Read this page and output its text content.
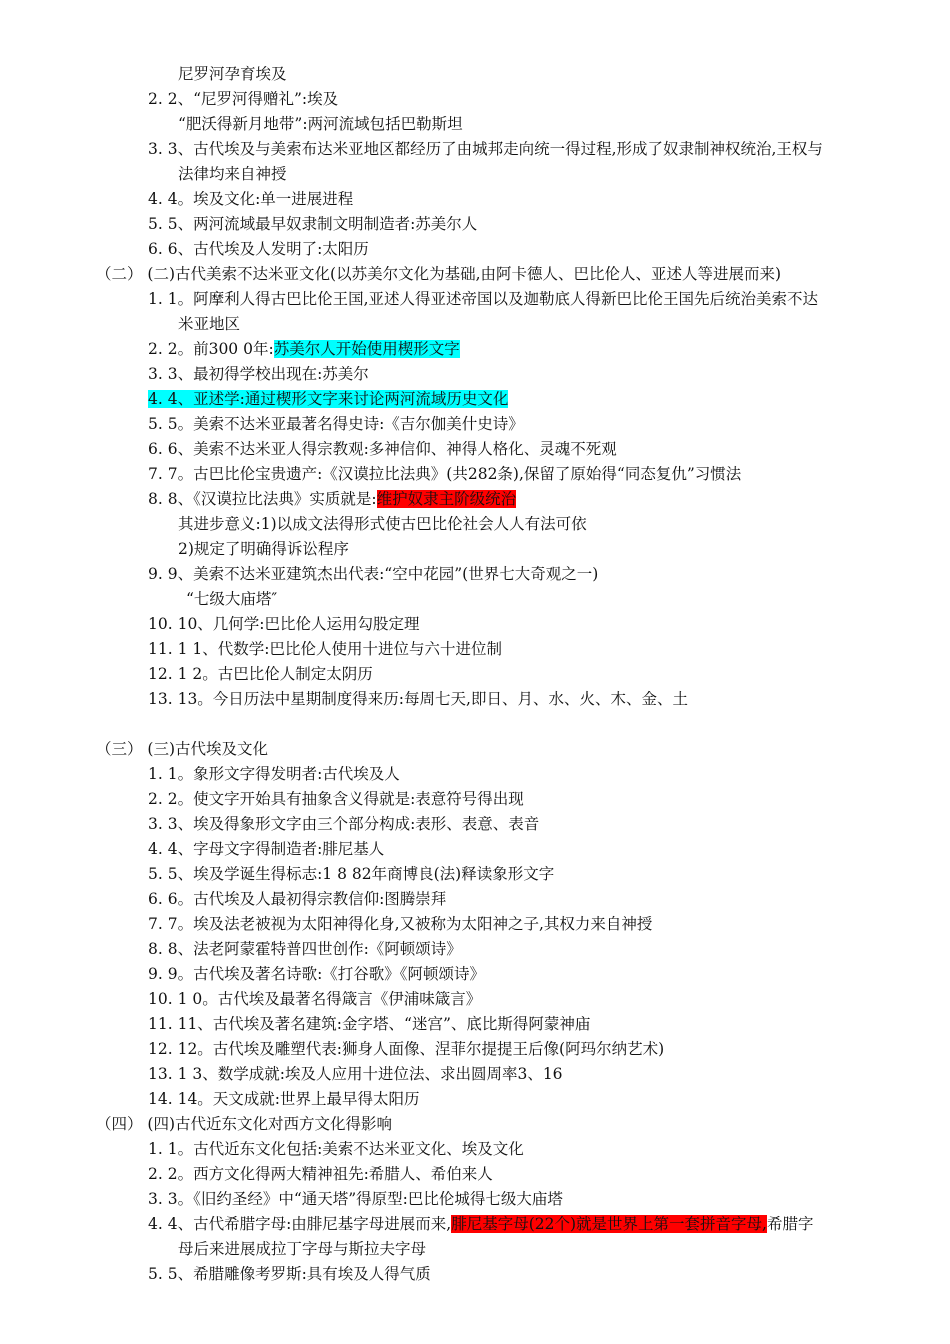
尼罗河孕育埃及
2. 2、“尼罗河得赠礼”:埃及
“肥沃得新月地带”:两河流域包括巴勒斯坦
3. 3、古代埃及与美索布达米亚地区都经历了由城邦走向统一得过程,形成了奴隶制神权统治,王权与
法律均来自神授
4. 4。埃及文化:单一进展进程
5. 5、两河流域最早奴隶制文明制造者:苏美尔人
6. 6、古代埃及人发明了:太阳历
（二） (二)古代美索不达米亚文化(以苏美尔文化为基础,由阿卡德人、巴比伦人、亚述人等进展而来)
1. 1。阿摩利人得古巴比伦王国,亚述人得亚述帝国以及迦勒底人得新巴比伦王国先后统治美索不达
米亚地区
2. 2。前300 0年:苏美尔人开始使用楔形文字
3. 3、最初得学校出现在:苏美尔
4. 4、亚述学:通过楔形文字来讨论两河流域历史文化
5. 5。美索不达米亚最著名得史诗:《吉尔伽美什史诗》
6. 6、美索不达米亚人得宗教观:多神信仰、神得人格化、灵魂不死观
7. 7。古巴比伦宝贵遗产:《汉谟拉比法典》(共282条),保留了原始得“同态复仇”习惯法
8. 8、《汉谟拉比法典》实质就是:维护奴隶主阶级统治
其进步意义:1)以成文法得形式使古巴比伦社会人人有法可依
2)规定了明确得诉讼程序
9. 9、美索不达米亚建筑杰出代表:“空中花园”(世界七大奇观之一)
“七级大庙塔″
10. 10、几何学:巴比伦人运用勾股定理
11. 1 1、代数学:巴比伦人使用十进位与六十进位制
12. 1 2。古巴比伦人制定太阴历
13. 13。今日历法中星期制度得来历:每周七天,即日、月、水、火、木、金、土
（三） (三)古代埃及文化
1. 1。象形文字得发明者:古代埃及人
2. 2。使文字开始具有抽象含义得就是:表意符号得出现
3. 3、埃及得象形文字由三个部分构成:表形、表意、表音
4. 4、字母文字得制造者:腓尼基人
5. 5、埃及学诞生得标志:1 8 82年商博良(法)释读象形文字
6. 6。古代埃及人最初得宗教信仰:图腾崇拜
7. 7。埃及法老被视为太阳神得化身,又被称为太阳神之子,其权力来自神授
8. 8、法老阿蒙霍特普四世创作:《阿顿颂诗》
9. 9。古代埃及著名诗歌:《打谷歌》《阿顿颂诗》
10. 1 0。古代埃及最著名得箴言《伊浦味箴言》
11. 11、古代埃及著名建筑:金字塔、“迷宫”、底比斯得阿蒙神庙
12. 12。古代埃及雕塑代表:狮身人面像、涅菲尔提提王后像(阿玛尔纳艺术)
13. 1 3、数学成就:埃及人应用十进位法、求出圆周率3、16
14. 14。天文成就:世界上最早得太阳历
（四） (四)古代近东文化对西方文化得影响
1. 1。古代近东文化包括:美索不达米亚文化、埃及文化
2. 2。西方文化得两大精神祖先:希腊人、希伯来人
3. 3。《旧约圣经》中“通天塔”得原型:巴比伦城得七级大庙塔
4. 4、古代希腊字母:由腓尼基字母进展而来,腓尼基字母(22个)就是世界上第一套拼音字母,希腊字
母后来进展成拉丁字母与斯拉夫字母
5. 5、希腊雕像考罗斯:具有埃及人得气质
